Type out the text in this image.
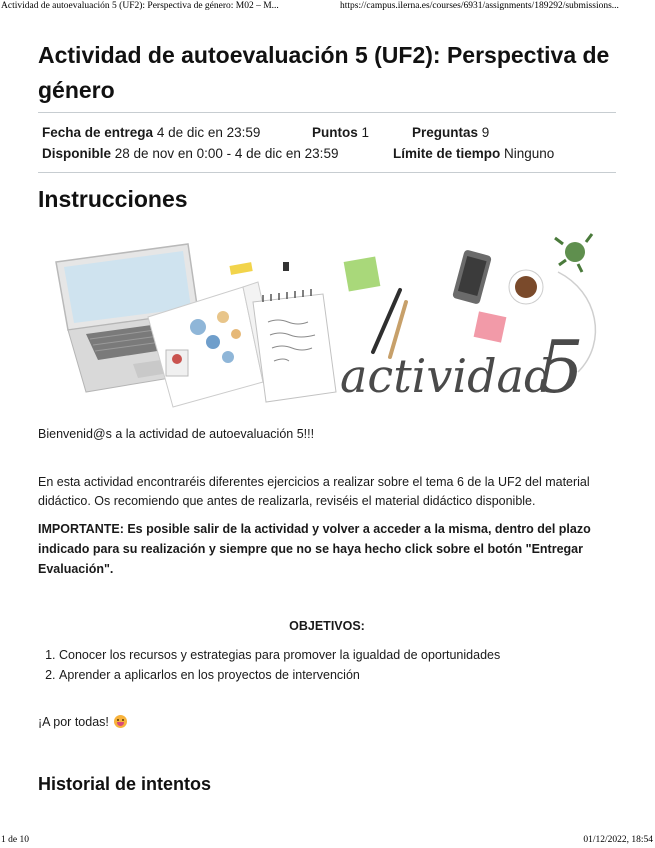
Actividad de autoevaluación 5 (UF2): Perspectiva de género: M02 – M...	https://campus.ilerna.es/courses/6931/assignments/189292/submissions...
Actividad de autoevaluación 5 (UF2): Perspectiva de género
Fecha de entrega 4 de dic en 23:59	Puntos 1	Preguntas 9
Disponible 28 de nov en 0:00 - 4 de dic en 23:59	Límite de tiempo Ninguno
Instrucciones
actividad
5

Bienvenid@s a la actividad de autoevaluación 5!!!

En esta actividad encontraréis diferentes ejercicios a realizar sobre el tema 6 de la UF2 del material didáctico. Os recomiendo que antes de realizarla, reviséis el material didáctico disponible.

IMPORTANTE: Es posible salir de la actividad y volver a acceder a la misma, dentro del plazo indicado para su realización y siempre que no se haya hecho click sobre el botón "Entregar Evaluación".

OBJETIVOS:

1. Conocer los recursos y estrategias para promover la igualdad de oportunidades
2. Aprender a aplicarlos en los proyectos de intervención

¡A por todas!

Historial de intentos
1 de 10	01/12/2022, 18:54
